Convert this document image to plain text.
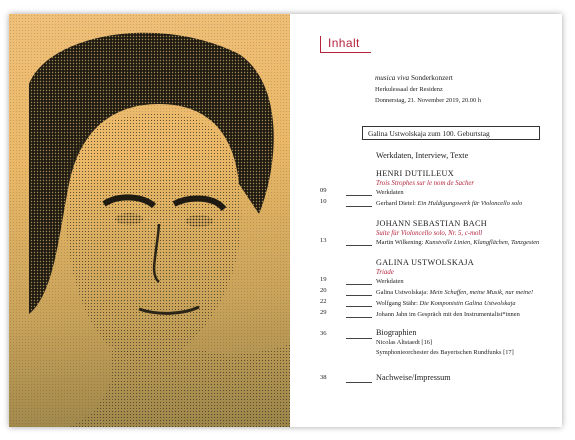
Inhalt
musica viva Sonderkonzert
Herkulessaal der Residenz
Donnerstag, 21. November 2019, 20.00 h
Galina Ustwolskaja zum 100. Geburtstag
Werkdaten, Interview, Texte
HENRI DUTILLEUX
Trois Strophes sur le nom de Sacher
09	Werkdaten
10	Gerhard Dietel: Ein Huldigungswerk für Violoncello solo
JOHANN SEBASTIAN BACH
Suite für Violoncello solo, Nr. 5, c-moll
13	Martin Wilkening: Kunstvolle Linien, Klangflächen, Tanzgesten
GALINA USTWOLSKAJA
Triade
19	Werkdaten
20	Galina Ustwolskaja: Mein Schaffen, meine Musik, nur meine!
22	Wolfgang Stähr: Die Komponistin Galina Ustwolskaja
29	Johann Jahn im Gespräch mit den Instrumentalist*innen
36	Biographien
Nicolas Altstaedt [16]
Symphonieorchester des Bayerischen Rundfunks [17]
38	Nachweise/Impressum
